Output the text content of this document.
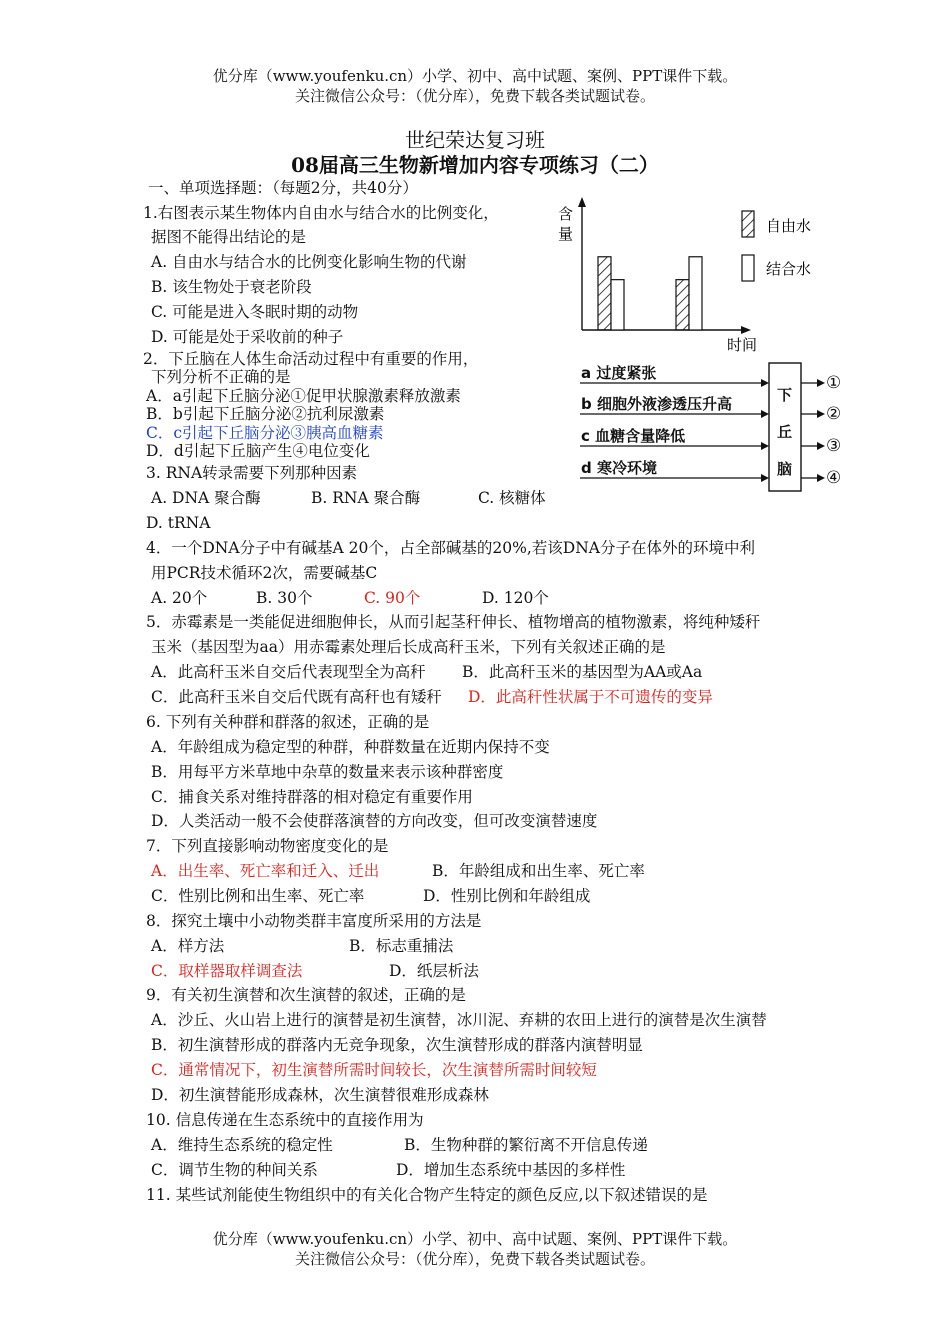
优分库（www.youfenku.cn）小学、初中、高中试题、案例、PPT课件下载。
关注微信公众号：（优分库），免费下载各类试题试卷。
世纪荣达复习班
08届高三生物新增加内容专项练习（二）
一、单项选择题：（每题2分，共40分）
1.右图表示某生物体内自由水与结合水的比例变化，
据图不能得出结论的是
A. 自由水与结合水的比例变化影响生物的代谢
B. 该生物处于衰老阶段
C. 可能是进入冬眠时期的动物
D. 可能是处于采收前的种子
含
量
时间
自由水
结合水
2．下丘脑在人体生命活动过程中有重要的作用，
下列分析不正确的是
A．a引起下丘脑分泌①促甲状腺激素释放激素
B．b引起下丘脑分泌②抗利尿激素
C．c引起下丘脑分泌③胰高血糖素
D．d引起下丘脑产生④电位变化
a 过度紧张
b 细胞外液渗透压升高
c 血糖含量降低
d 寒冷环境
下
丘
脑
①
②
③
④
3. RNA转录需要下列那种因素
A. DNA 聚合酶	B. RNA 聚合酶	C. 核糖体
D. tRNA
4．一个DNA分子中有碱基A 20个，占全部碱基的20%,若该DNA分子在体外的环境中利
用PCR技术循环2次，需要碱基C
A. 20个	B. 30个	C. 90个	D. 120个
5．赤霉素是一类能促进细胞伸长，从而引起茎秆伸长、植物增高的植物激素，将纯种矮秆
玉米（基因型为aa）用赤霉素处理后长成高秆玉米，下列有关叙述正确的是
A．此高秆玉米自交后代表现型全为高秆 B．此高秆玉米的基因型为AA或Aa
C．此高秆玉米自交后代既有高秆也有矮秆 D．此高秆性状属于不可遗传的变异
6. 下列有关种群和群落的叙述，正确的是
A．年龄组成为稳定型的种群，种群数量在近期内保持不变
B．用每平方米草地中杂草的数量来表示该种群密度
C．捕食关系对维持群落的相对稳定有重要作用
D．人类活动一般不会使群落演替的方向改变，但可改变演替速度
7．下列直接影响动物密度变化的是
A．出生率、死亡率和迁入、迁出	B．年龄组成和出生率、死亡率
C．性别比例和出生率、死亡率	D．性别比例和年龄组成
8．探究土壤中小动物类群丰富度所采用的方法是
A．样方法	B．标志重捕法
C．取样器取样调查法	D．纸层析法
9．有关初生演替和次生演替的叙述，正确的是
A．沙丘、火山岩上进行的演替是初生演替，冰川泥、弃耕的农田上进行的演替是次生演替
B．初生演替形成的群落内无竞争现象，次生演替形成的群落内演替明显
C．通常情况下，初生演替所需时间较长，次生演替所需时间较短
D．初生演替能形成森林，次生演替很难形成森林
10. 信息传递在生态系统中的直接作用为
A．维持生态系统的稳定性	B．生物种群的繁衍离不开信息传递
C．调节生物的种间关系	D．增加生态系统中基因的多样性
11. 某些试剂能使生物组织中的有关化合物产生特定的颜色反应,以下叙述错误的是
优分库（www.youfenku.cn）小学、初中、高中试题、案例、PPT课件下载。
关注微信公众号：（优分库），免费下载各类试题试卷。
